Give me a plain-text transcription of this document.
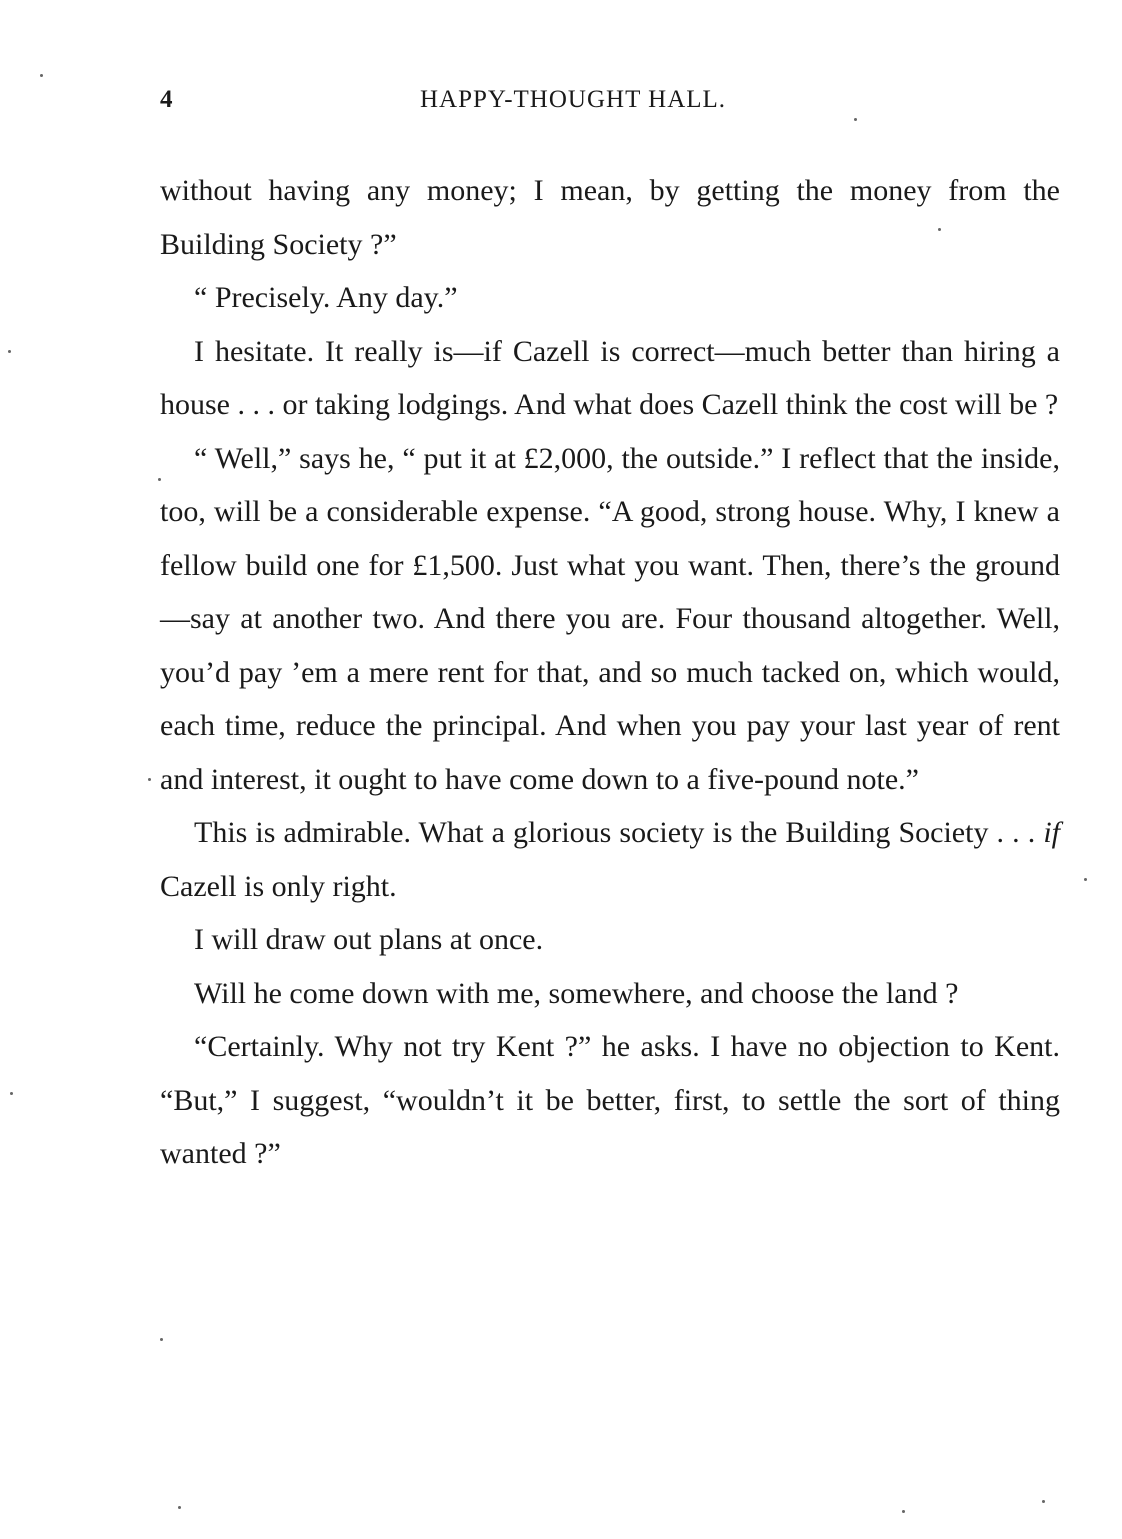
4	HAPPY-THOUGHT HALL.

without having any money; I mean, by getting the money from the Building Society ?”

“ Precisely. Any day.”

I hesitate. It really is—if Cazell is correct—much better than hiring a house . . . or taking lodgings. And what does Cazell think the cost will be ?

“ Well,” says he, “ put it at £2,000, the outside.” I reflect that the inside, too, will be a considerable expense. “A good, strong house. Why, I knew a fellow build one for £1,500. Just what you want. Then, there’s the ground—say at another two. And there you are. Four thousand altogether. Well, you’d pay ’em a mere rent for that, and so much tacked on, which would, each time, reduce the principal. And when you pay your last year of rent and interest, it ought to have come down to a five-pound note.”

This is admirable. What a glorious society is the Building Society . . . if Cazell is only right.

I will draw out plans at once.

Will he come down with me, somewhere, and choose the land ?

“Certainly. Why not try Kent ?” he asks. I have no objection to Kent. “But,” I suggest, “wouldn’t it be better, first, to settle the sort of thing wanted ?”
